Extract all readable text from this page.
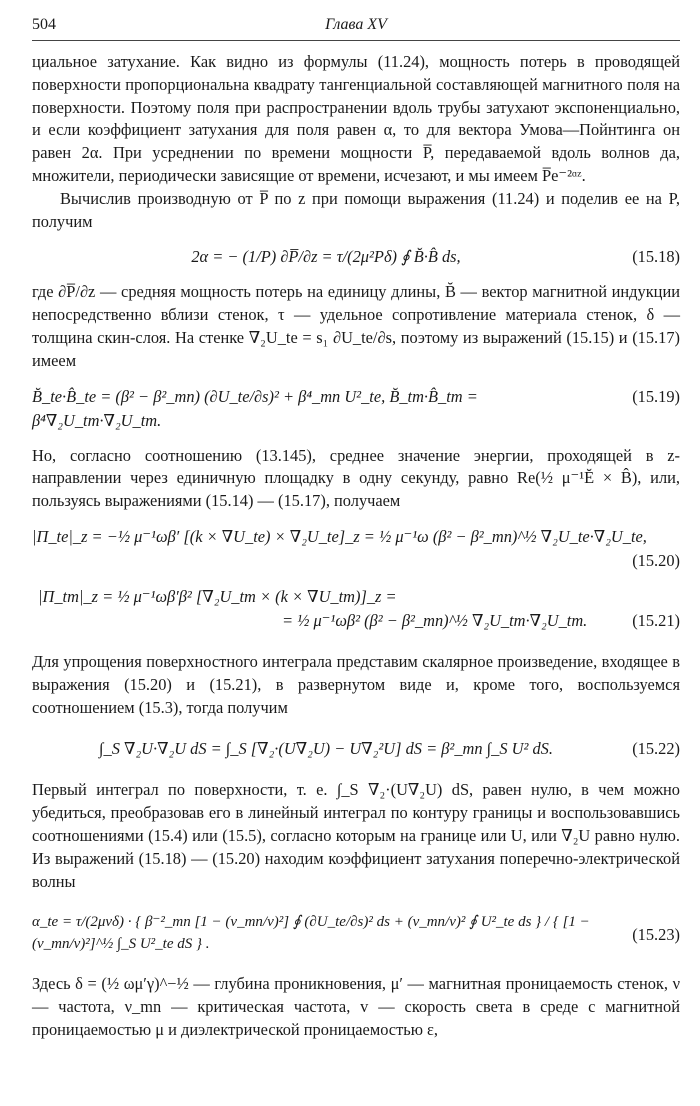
504	Глава XV

циальное затухание. Как видно из формулы (11.24), мощность потерь в проводящей поверхности пропорциональна квадрату тангенциальной составляющей магнитного поля на поверхности. Поэтому поля при распространении вдоль трубы затухают экспоненциально, и если коэффициент затухания для поля равен α, то для вектора Умова—Пойнтинга он равен 2α. При усреднении по времени мощности P̅, передаваемой вдоль волнов да, множители, периодически зависящие от времени, исчезают, и мы имеем P̅e⁻²ᵅᶻ.

Вычислив производную от P̅ по z при помощи выражения (11.24) и поделив ее на P, получим

2α = − (1/P) ∂P̅/∂z = τ/(2μ²Pδ) ∮ B̆·B̂ ds,	(15.18)

где ∂P̅/∂z — средняя мощность потерь на единицу длины, B̆ — вектор магнитной индукции непосредственно вблизи стенок, τ — удельное сопротивление материала стенок, δ — толщина скин-слоя. На стенке ∇₂U_te = s₁ ∂U_te/∂s, поэтому из выражений (15.15) и (15.17) имеем

B̆_te·B̂_te = (β² − β²_mn) (∂U_te/∂s)² + β⁴_mn U²_te, B̆_tm·B̂_tm = β⁴∇₂U_tm·∇₂U_tm.
(15.19)

Но, согласно соотношению (13.145), среднее значение энергии, проходящей в z-направлении через единичную площадку в одну секунду, равно Re(½ μ⁻¹Ĕ × B̂), или, пользуясь выражениями (15.14) — (15.17), получаем

|Π_te|_z = −½ μ⁻¹ωβ′ [(k × ∇U_te) × ∇₂U_te]_z = ½ μ⁻¹ω (β² − β²_mn)^½ ∇₂U_te·∇₂U_te,
(15.20)
|Π_tm|_z = ½ μ⁻¹ωβ′β² [∇₂U_tm × (k × ∇U_tm)]_z =
= ½ μ⁻¹ωβ² (β² − β²_mn)^½ ∇₂U_tm·∇₂U_tm.	(15.21)

Для упрощения поверхностного интеграла представим скалярное произведение, входящее в выражения (15.20) и (15.21), в развернутом виде и, кроме того, воспользуемся соотношением (15.3), тогда получим

∫_S ∇₂U·∇₂U dS = ∫_S [∇₂·(U∇₂U) − U∇₂²U] dS = β²_mn ∫_S U² dS.	(15.22)

Первый интеграл по поверхности, т. е. ∫_S ∇₂·(U∇₂U) dS, равен нулю, в чем можно убедиться, преобразовав его в линейный интеграл по контуру границы и воспользовавшись соотношениями (15.4) или (15.5), согласно которым на границе или U, или ∇₂U равно нулю. Из выражений (15.18) — (15.20) находим коэффициент затухания поперечно-электрической волны

α_te = τ/(2μvδ) · { β⁻²_mn [1 − (ν_mn/ν)²] ∮ (∂U_te/∂s)² ds + (ν_mn/ν)² ∮ U²_te ds } / { [1 − (ν_mn/ν)²]^½ ∫_S U²_te dS } .	(15.23)

Здесь δ = (½ ωμ′γ)^−½ — глубина проникновения, μ′ — магнитная проницаемость стенок, ν — частота, ν_mn — критическая частота, v — скорость света в среде с магнитной проницаемостью μ и диэлектрической проницаемостью ε,
